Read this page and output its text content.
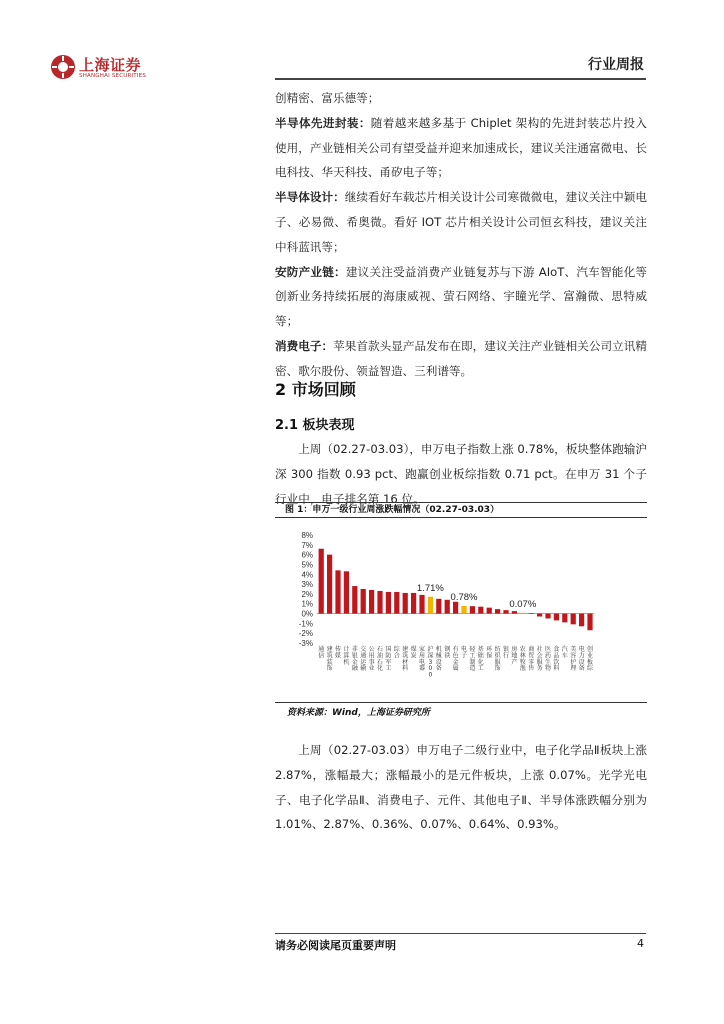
上海证券
SHANGHAI SECURITIES
行业周报

创精密、富乐德等；

半导体先进封装：随着越来越多基于 Chiplet 架构的先进封装芯片投入使用，产业链相关公司有望受益并迎来加速成长，建议关注通富微电、长电科技、华天科技、甬矽电子等；

半导体设计：继续看好车载芯片相关设计公司寒微微电，建议关注中颖电子、必易微、希奥微。看好 IOT 芯片相关设计公司恒玄科技，建议关注中科蓝讯等；

安防产业链：建议关注受益消费产业链复苏与下游 AIoT、汽车智能化等创新业务持续拓展的海康威视、萤石网络、宇瞳光学、富瀚微、思特威等；

消费电子：苹果首款头显产品发布在即，建议关注产业链相关公司立讯精密、歌尔股份、领益智造、三利谱等。

2 市场回顾
2.1 板块表现

上周（02.27-03.03），申万电子指数上涨 0.78%，板块整体跑输沪深 300 指数 0.93 pct、跑赢创业板综指数 0.71 pct。在申万 31 个子行业中，电子排名第 16 位。

图 1：申万一级行业周涨跌幅情况（02.27-03.03）
8%
7%
6%
5%
4%
3%
2%
1%
0%
-1%
-2%
-3%
1.71%
0.78%
0.07%
通信
建筑装饰
传媒
计算机
非银金融
交通运输
公用事业
石油石化
国防军工
综合
建筑材料
煤炭
家用电器
沪深 3 0 0
机械设备
钢铁
有色金属
电子
轻工制造
基础化工
环保
纺织服饰
银行
房地产
农林牧渔
商贸零售
社会服务
医药生物
食品饮料
汽车
美容护理
电力设备
创业板综
资料来源：Wind，上海证券研究所

上周（02.27-03.03）申万电子二级行业中，电子化学品Ⅱ板块上涨 2.87%，涨幅最大；涨幅最小的是元件板块，上涨 0.07%。光学光电子、电子化学品Ⅱ、消费电子、元件、其他电子Ⅱ、半导体涨跌幅分别为 1.01%、2.87%、0.36%、0.07%、0.64%、0.93%。

请务必阅读尾页重要声明	4
